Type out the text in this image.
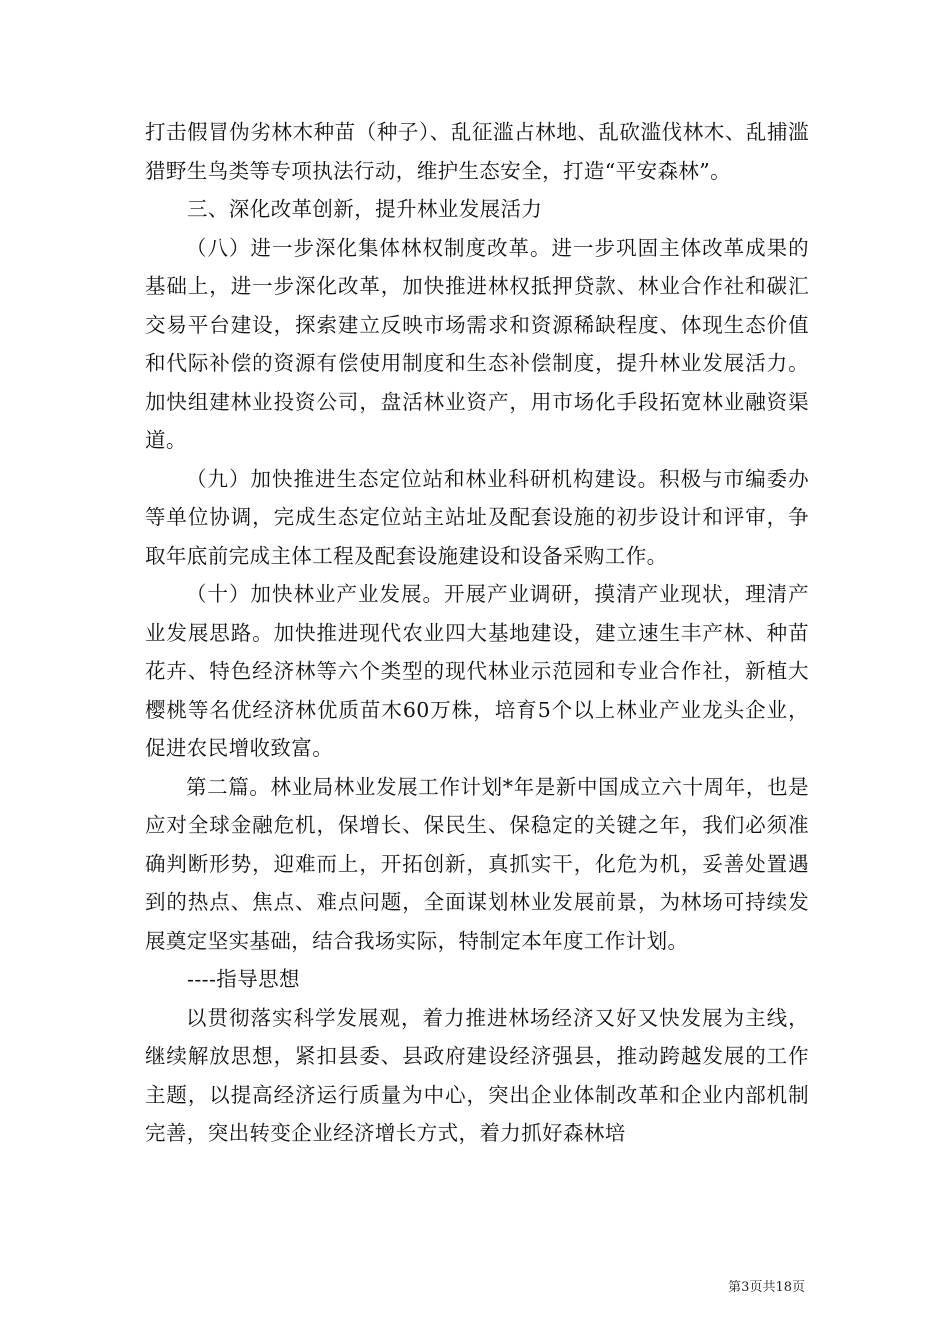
打击假冒伪劣林木种苗（种子）、乱征滥占林地、乱砍滥伐林木、乱捕滥猎野生鸟类等专项执法行动，维护生态安全，打造“平安森林”。

三、深化改革创新，提升林业发展活力

（八）进一步深化集体林权制度改革。进一步巩固主体改革成果的基础上，进一步深化改革，加快推进林权抵押贷款、林业合作社和碳汇交易平台建设，探索建立反映市场需求和资源稀缺程度、体现生态价值和代际补偿的资源有偿使用制度和生态补偿制度，提升林业发展活力。加快组建林业投资公司，盘活林业资产，用市场化手段拓宽林业融资渠道。

（九）加快推进生态定位站和林业科研机构建设。积极与市编委办等单位协调，完成生态定位站主站址及配套设施的初步设计和评审，争取年底前完成主体工程及配套设施建设和设备采购工作。

（十）加快林业产业发展。开展产业调研，摸清产业现状，理清产业发展思路。加快推进现代农业四大基地建设，建立速生丰产林、种苗花卉、特色经济林等六个类型的现代林业示范园和专业合作社，新植大樱桃等名优经济林优质苗木60万株，培育5个以上林业产业龙头企业，促进农民增收致富。

第二篇。林业局林业发展工作计划*年是新中国成立六十周年，也是应对全球金融危机，保增长、保民生、保稳定的关键之年，我们必须准确判断形势，迎难而上，开拓创新，真抓实干，化危为机，妥善处置遇到的热点、焦点、难点问题，全面谋划林业发展前景，为林场可持续发展奠定坚实基础，结合我场实际，特制定本年度工作计划。

----指导思想

以贯彻落实科学发展观，着力推进林场经济又好又快发展为主线，继续解放思想，紧扣县委、县政府建设经济强县，推动跨越发展的工作主题，以提高经济运行质量为中心，突出企业体制改革和企业内部机制完善，突出转变企业经济增长方式，着力抓好森林培

第3页共18页
